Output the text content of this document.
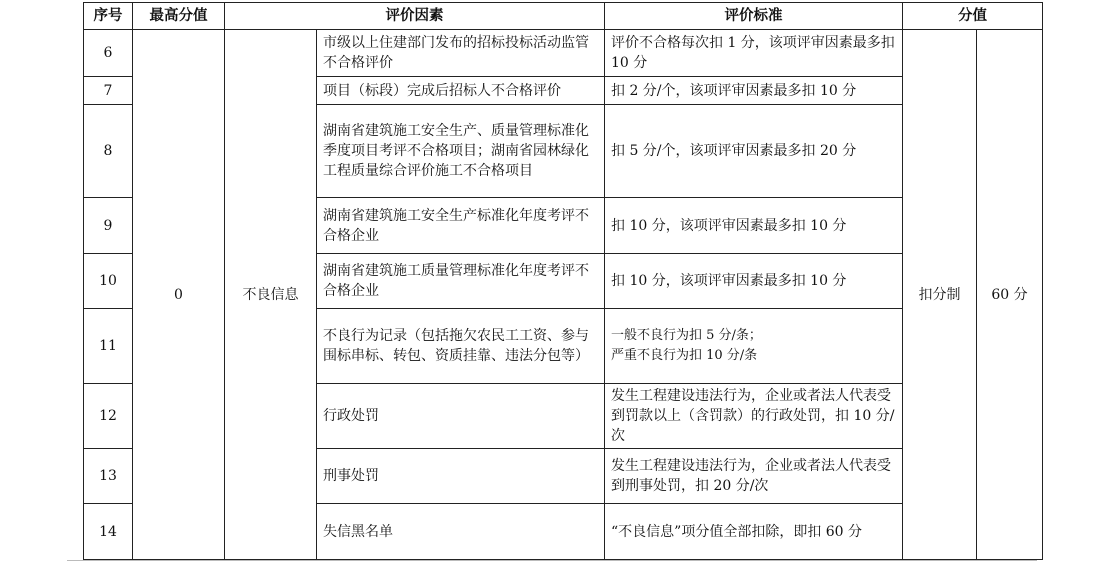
序号	最高分值	评价因素		评价标准	分值	
6	0	不良信息	市级以上住建部门发布的招标投标活动监管不合格评价	评价不合格每次扣 1 分，该项评审因素最多扣 10 分	扣分制	60 分
7			项目（标段）完成后招标人不合格评价	扣 2 分/个，该项评审因素最多扣 10 分		
8			湖南省建筑施工安全生产、质量管理标准化季度项目考评不合格项目；湖南省园林绿化工程质量综合评价施工不合格项目	扣 5 分/个，该项评审因素最多扣 20 分		
9			湖南省建筑施工安全生产标准化年度考评不合格企业	扣 10 分，该项评审因素最多扣 10 分		
10			湖南省建筑施工质量管理标准化年度考评不合格企业	扣 10 分，该项评审因素最多扣 10 分		
11			不良行为记录（包括拖欠农民工工资、参与围标串标、转包、资质挂靠、违法分包等）	一般不良行为扣 5 分/条；
严重不良行为扣 10 分/条		

12			行政处罚	发生工程建设违法行为，企业或者法人代表受到罚款以上（含罚款）的行政处罚，扣 10 分/次		
13			刑事处罚	发生工程建设违法行为，企业或者法人代表受到刑事处罚，扣 20 分/次		
14			失信黑名单	“不良信息”项分值全部扣除，即扣 60 分		
